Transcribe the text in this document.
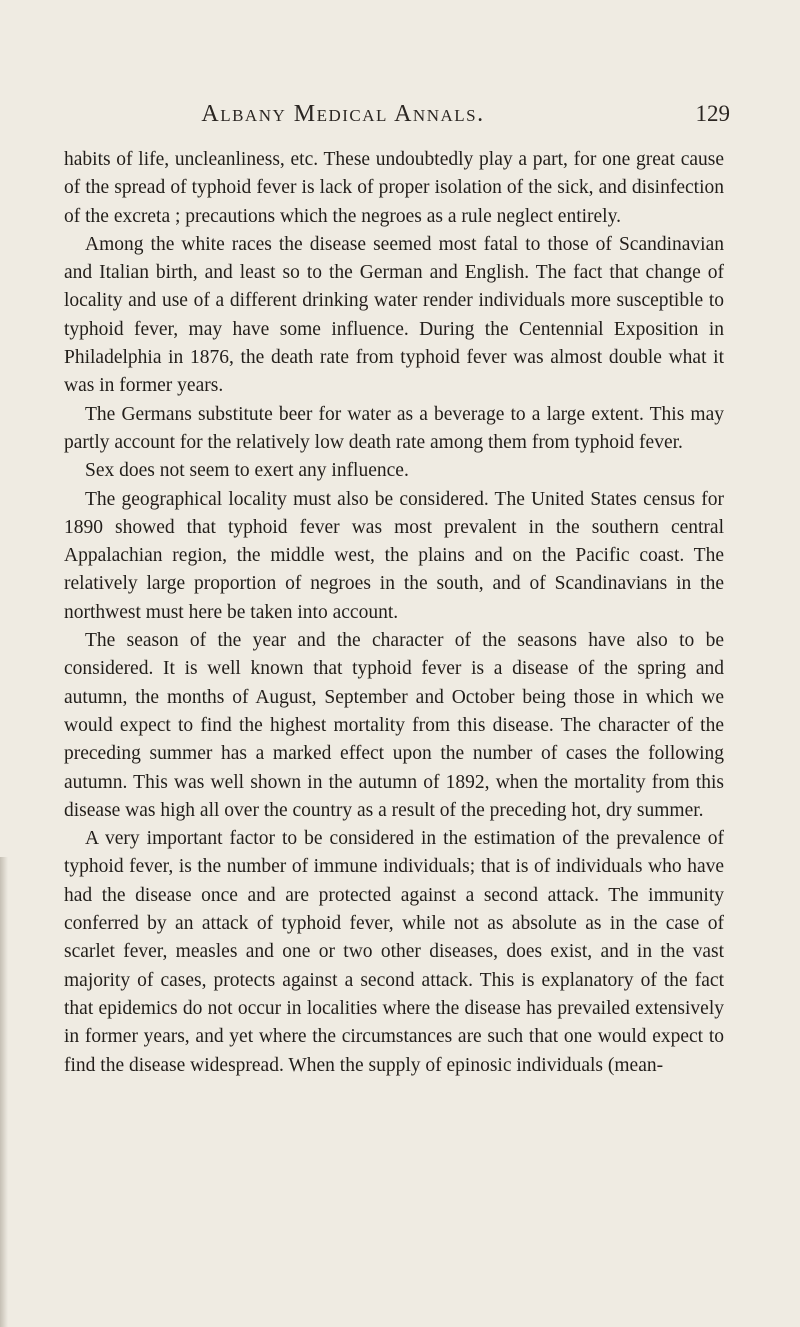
Albany Medical Annals.	129

habits of life, uncleanliness, etc. These undoubtedly play a part, for one great cause of the spread of typhoid fever is lack of proper isolation of the sick, and disinfection of the excreta ; precautions which the negroes as a rule neglect entirely.

Among the white races the disease seemed most fatal to those of Scandinavian and Italian birth, and least so to the German and English. The fact that change of locality and use of a different drinking water render individuals more susceptible to typhoid fever, may have some influence. During the Centennial Exposition in Philadelphia in 1876, the death rate from typhoid fever was almost double what it was in former years.

The Germans substitute beer for water as a beverage to a large extent. This may partly account for the relatively low death rate among them from typhoid fever.

Sex does not seem to exert any influence.

The geographical locality must also be considered. The United States census for 1890 showed that typhoid fever was most prevalent in the southern central Appalachian region, the middle west, the plains and on the Pacific coast. The relatively large proportion of negroes in the south, and of Scandinavians in the northwest must here be taken into account.

The season of the year and the character of the seasons have also to be considered. It is well known that typhoid fever is a disease of the spring and autumn, the months of August, September and October being those in which we would expect to find the highest mortality from this disease. The character of the preceding summer has a marked effect upon the number of cases the following autumn. This was well shown in the autumn of 1892, when the mortality from this disease was high all over the country as a result of the preceding hot, dry summer.

A very important factor to be considered in the estimation of the prevalence of typhoid fever, is the number of immune individuals; that is of individuals who have had the disease once and are protected against a second attack. The immunity conferred by an attack of typhoid fever, while not as absolute as in the case of scarlet fever, measles and one or two other diseases, does exist, and in the vast majority of cases, protects against a second attack. This is explanatory of the fact that epidemics do not occur in localities where the disease has prevailed extensively in former years, and yet where the circumstances are such that one would expect to find the disease widespread. When the supply of epinosic individuals (mean-
